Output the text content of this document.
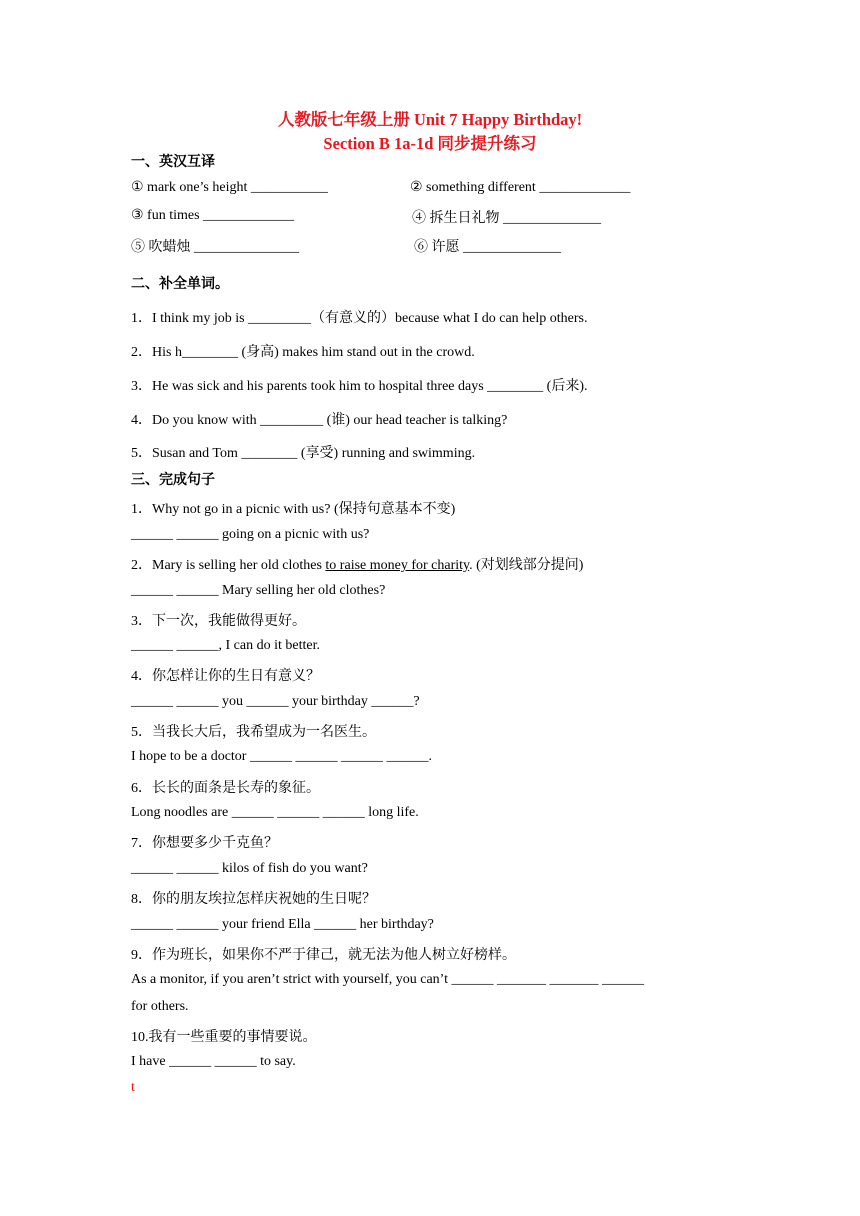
人教版七年级上册 Unit 7 Happy Birthday!
Section B 1a-1d 同步提升练习
一、英汉互译
① mark one’s height ___________	② something different _____________
③ fun times _____________	④ 拆生日礼物 ______________
⑤ 吹蜡烛 _______________	⑥ 许愿 ______________
二、补全单词。
1．I think my job is _________（有意义的）because what I do can help others.
2．His h________ (身高) makes him stand out in the crowd.
3．He was sick and his parents took him to hospital three days ________ (后来).
4．Do you know with _________ (谁) our head teacher is talking?
5．Susan and Tom ________ (享受) running and swimming.
三、完成句子
1．Why not go in a picnic with us? (保持句意基本不变)
______ ______ going on a picnic with us?
2．Mary is selling her old clothes to raise money for charity. (对划线部分提问)
______ ______ Mary selling her old clothes?
3．下一次，我能做得更好。
______ ______, I can do it better.
4．你怎样让你的生日有意义？
______ ______ you ______ your birthday ______?
5．当我长大后，我希望成为一名医生。
I hope to be a doctor ______ ______ ______ ______.
6．长长的面条是长寿的象征。
Long noodles are ______ ______ ______ long life.
7．你想要多少千克鱼？
______ ______ kilos of fish do you want?
8．你的朋友埃拉怎样庆祝她的生日呢？
______ ______ your friend Ella ______ her birthday?
9．作为班长，如果你不严于律己，就无法为他人树立好榜样。
As a monitor, if you aren’t strict with yourself, you can’t ______ _______ _______ ______
for others.
10.我有一些重要的事情要说。
I have ______ ______ to say.
t
